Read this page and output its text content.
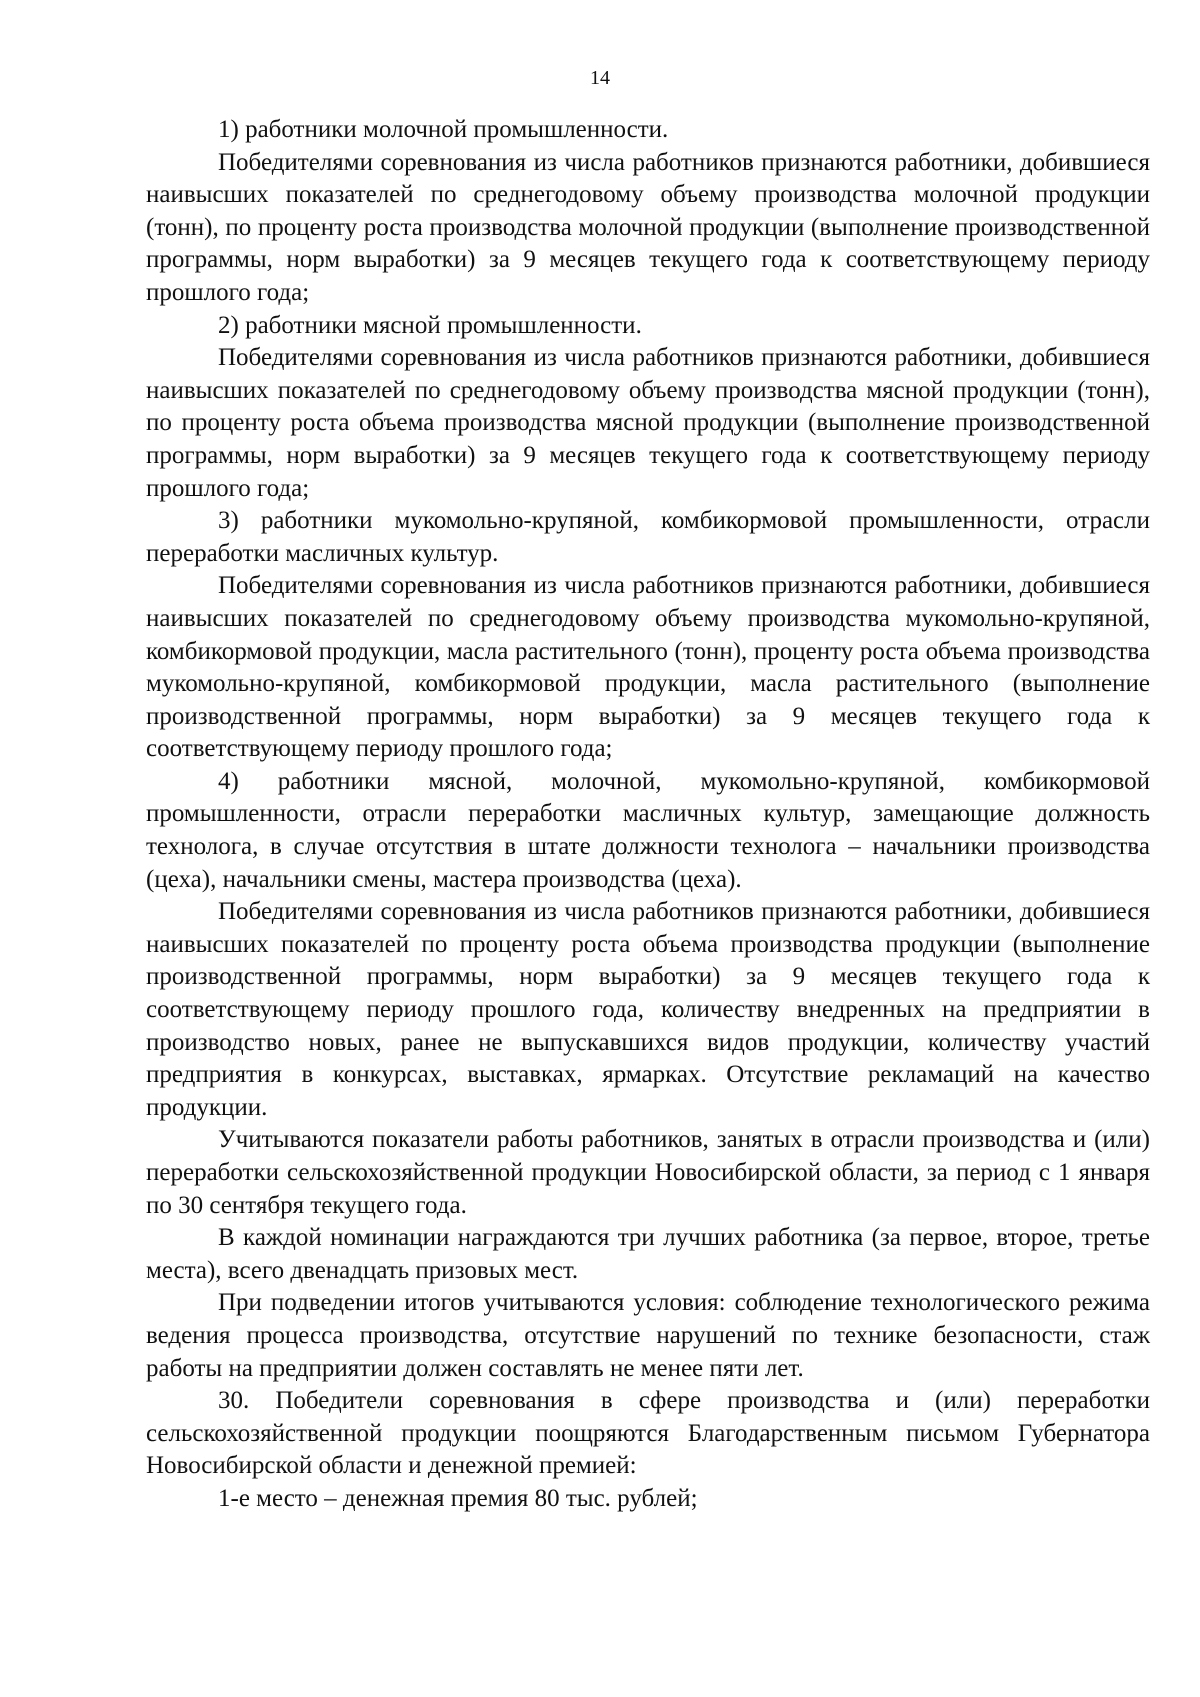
14

1) работники молочной промышленности.

Победителями соревнования из числа работников признаются работники, добившиеся наивысших показателей по среднегодовому объему производства молочной продукции (тонн), по проценту роста производства молочной продукции (выполнение производственной программы, норм выработки) за 9 месяцев текущего года к соответствующему периоду прошлого года;

2) работники мясной промышленности.

Победителями соревнования из числа работников признаются работники, добившиеся наивысших показателей по среднегодовому объему производства мясной продукции (тонн), по проценту роста объема производства мясной продукции (выполнение производственной программы, норм выработки) за 9 месяцев текущего года к соответствующему периоду прошлого года;

3) работники мукомольно-крупяной, комбикормовой промышленности, отрасли переработки масличных культур.

Победителями соревнования из числа работников признаются работники, добившиеся наивысших показателей по среднегодовому объему производства мукомольно-крупяной, комбикормовой продукции, масла растительного (тонн), проценту роста объема производства мукомольно-крупяной, комбикормовой продукции, масла растительного (выполнение производственной программы, норм выработки) за 9 месяцев текущего года к соответствующему периоду прошлого года;

4) работники мясной, молочной, мукомольно-крупяной, комбикормовой промышленности, отрасли переработки масличных культур, замещающие должность технолога, в случае отсутствия в штате должности технолога – начальники производства (цеха), начальники смены, мастера производства (цеха).

Победителями соревнования из числа работников признаются работники, добившиеся наивысших показателей по проценту роста объема производства продукции (выполнение производственной программы, норм выработки) за 9 месяцев текущего года к соответствующему периоду прошлого года, количеству внедренных на предприятии в производство новых, ранее не выпускавшихся видов продукции, количеству участий предприятия в конкурсах, выставках, ярмарках. Отсутствие рекламаций на качество продукции.

Учитываются показатели работы работников, занятых в отрасли производства и (или) переработки сельскохозяйственной продукции Новосибирской области, за период с 1 января по 30 сентября текущего года.

В каждой номинации награждаются три лучших работника (за первое, второе, третье места), всего двенадцать призовых мест.

При подведении итогов учитываются условия: соблюдение технологического режима ведения процесса производства, отсутствие нарушений по технике безопасности, стаж работы на предприятии должен составлять не менее пяти лет.

30. Победители соревнования в сфере производства и (или) переработки сельскохозяйственной продукции поощряются Благодарственным письмом Губернатора Новосибирской области и денежной премией:

1-е место – денежная премия 80 тыс. рублей;
